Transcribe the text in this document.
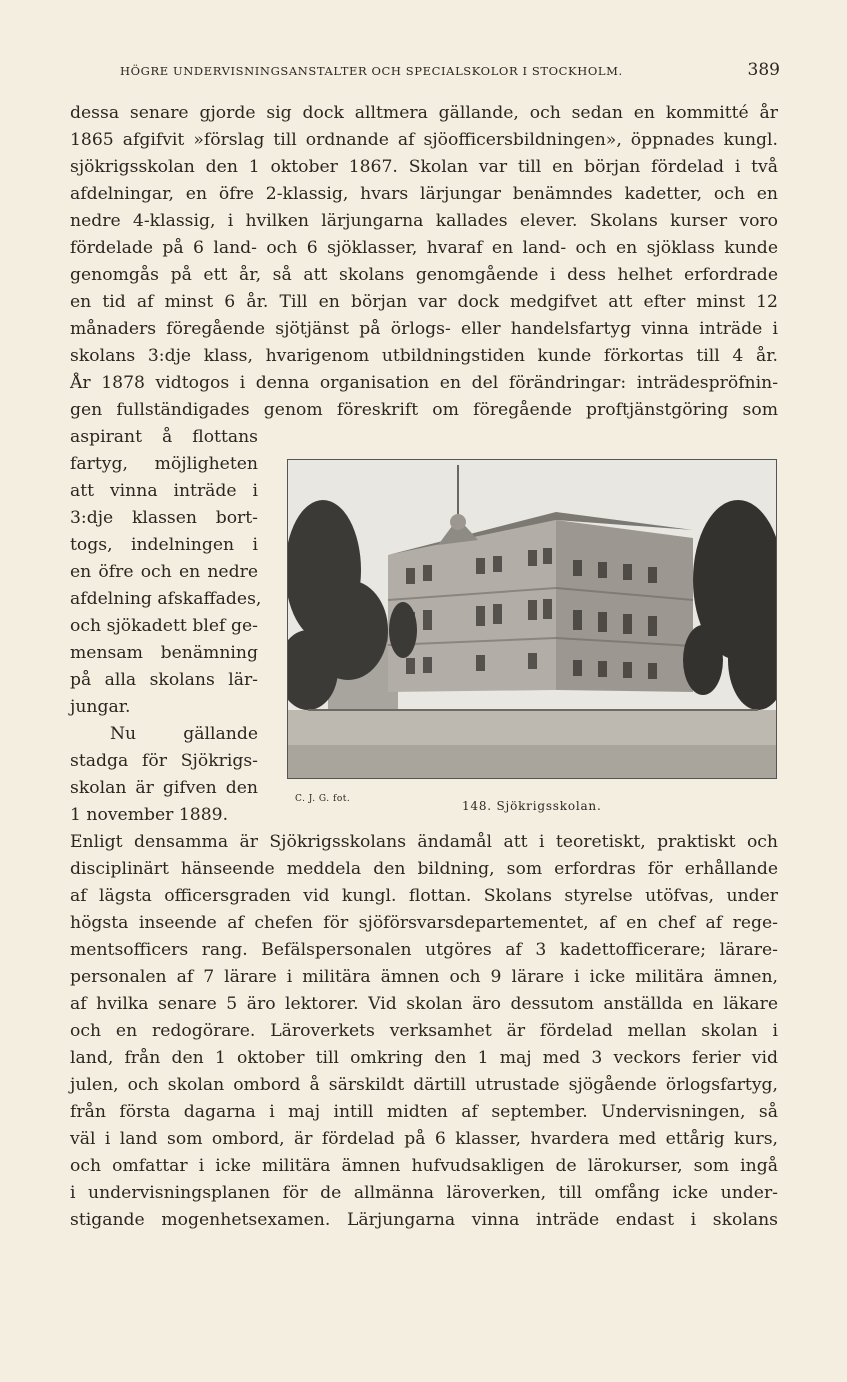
HÖGRE UNDERVISNINGSANSTALTER OCH SPECIALSKOLOR I STOCKHOLM.	389
dessa senare gjorde sig dock alltmera gällande, och sedan en kommitté år
1865 afgifvit »förslag till ordnande af sjöofficersbildningen», öppnades kungl.
sjökrigsskolan den 1 oktober 1867. Skolan var till en början fördelad i två
afdelningar, en öfre 2-klassig, hvars lärjungar benämndes kadetter, och en
nedre 4-klassig, i hvilken lärjungarna kallades elever. Skolans kurser voro
fördelade på 6 land- och 6 sjöklasser, hvaraf en land- och en sjöklass kunde
genomgås på ett år, så att skolans genomgående i dess helhet erfordrade
en tid af minst 6 år. Till en början var dock medgifvet att efter minst 12
månaders föregående sjötjänst på örlogs- eller handelsfartyg vinna inträde i
skolans 3:dje klass, hvarigenom utbildningstiden kunde förkortas till 4 år.
År 1878 vidtogos i denna organisation en del förändringar: inträdespröfnin-
gen fullständigades genom föreskrift om föregående proftjänstgöring som
aspirant å flottans
fartyg, möjligheten
att vinna inträde i
3:dje klassen bort-
togs, indelningen i
en öfre och en nedre
afdelning afskaffades,
och sjökadett blef ge-
mensam benämning
på alla skolans lär-
jungar.
Nu gällande
stadga för Sjökrigs-
skolan är gifven den
1 november 1889.
Enligt densamma är Sjökrigsskolans ändamål att i teoretiskt, praktiskt och
disciplinärt hänseende meddela den bildning, som erfordras för erhållande
af lägsta officersgraden vid kungl. flottan. Skolans styrelse utöfvas, under
högsta inseende af chefen för sjöförsvarsdepartementet, af en chef af rege-
mentsofficers rang. Befälspersonalen utgöres af 3 kadettofficerare; lärare-
personalen af 7 lärare i militära ämnen och 9 lärare i icke militära ämnen,
af hvilka senare 5 äro lektorer. Vid skolan äro dessutom anställda en läkare
och en redogörare. Läroverkets verksamhet är fördelad mellan skolan i
land, från den 1 oktober till omkring den 1 maj med 3 veckors ferier vid
julen, och skolan ombord å särskildt därtill utrustade sjögående örlogsfartyg,
från första dagarna i maj intill midten af september. Undervisningen, så
väl i land som ombord, är fördelad på 6 klasser, hvardera med ettårig kurs,
och omfattar i icke militära ämnen hufvudsakligen de lärokurser, som ingå
i undervisningsplanen för de allmänna läroverken, till omfång icke under-
stigande mogenhetsexamen. Lärjungarna vinna inträde endast i skolans
C. J. G. fot.	148. Sjökrigsskolan.
